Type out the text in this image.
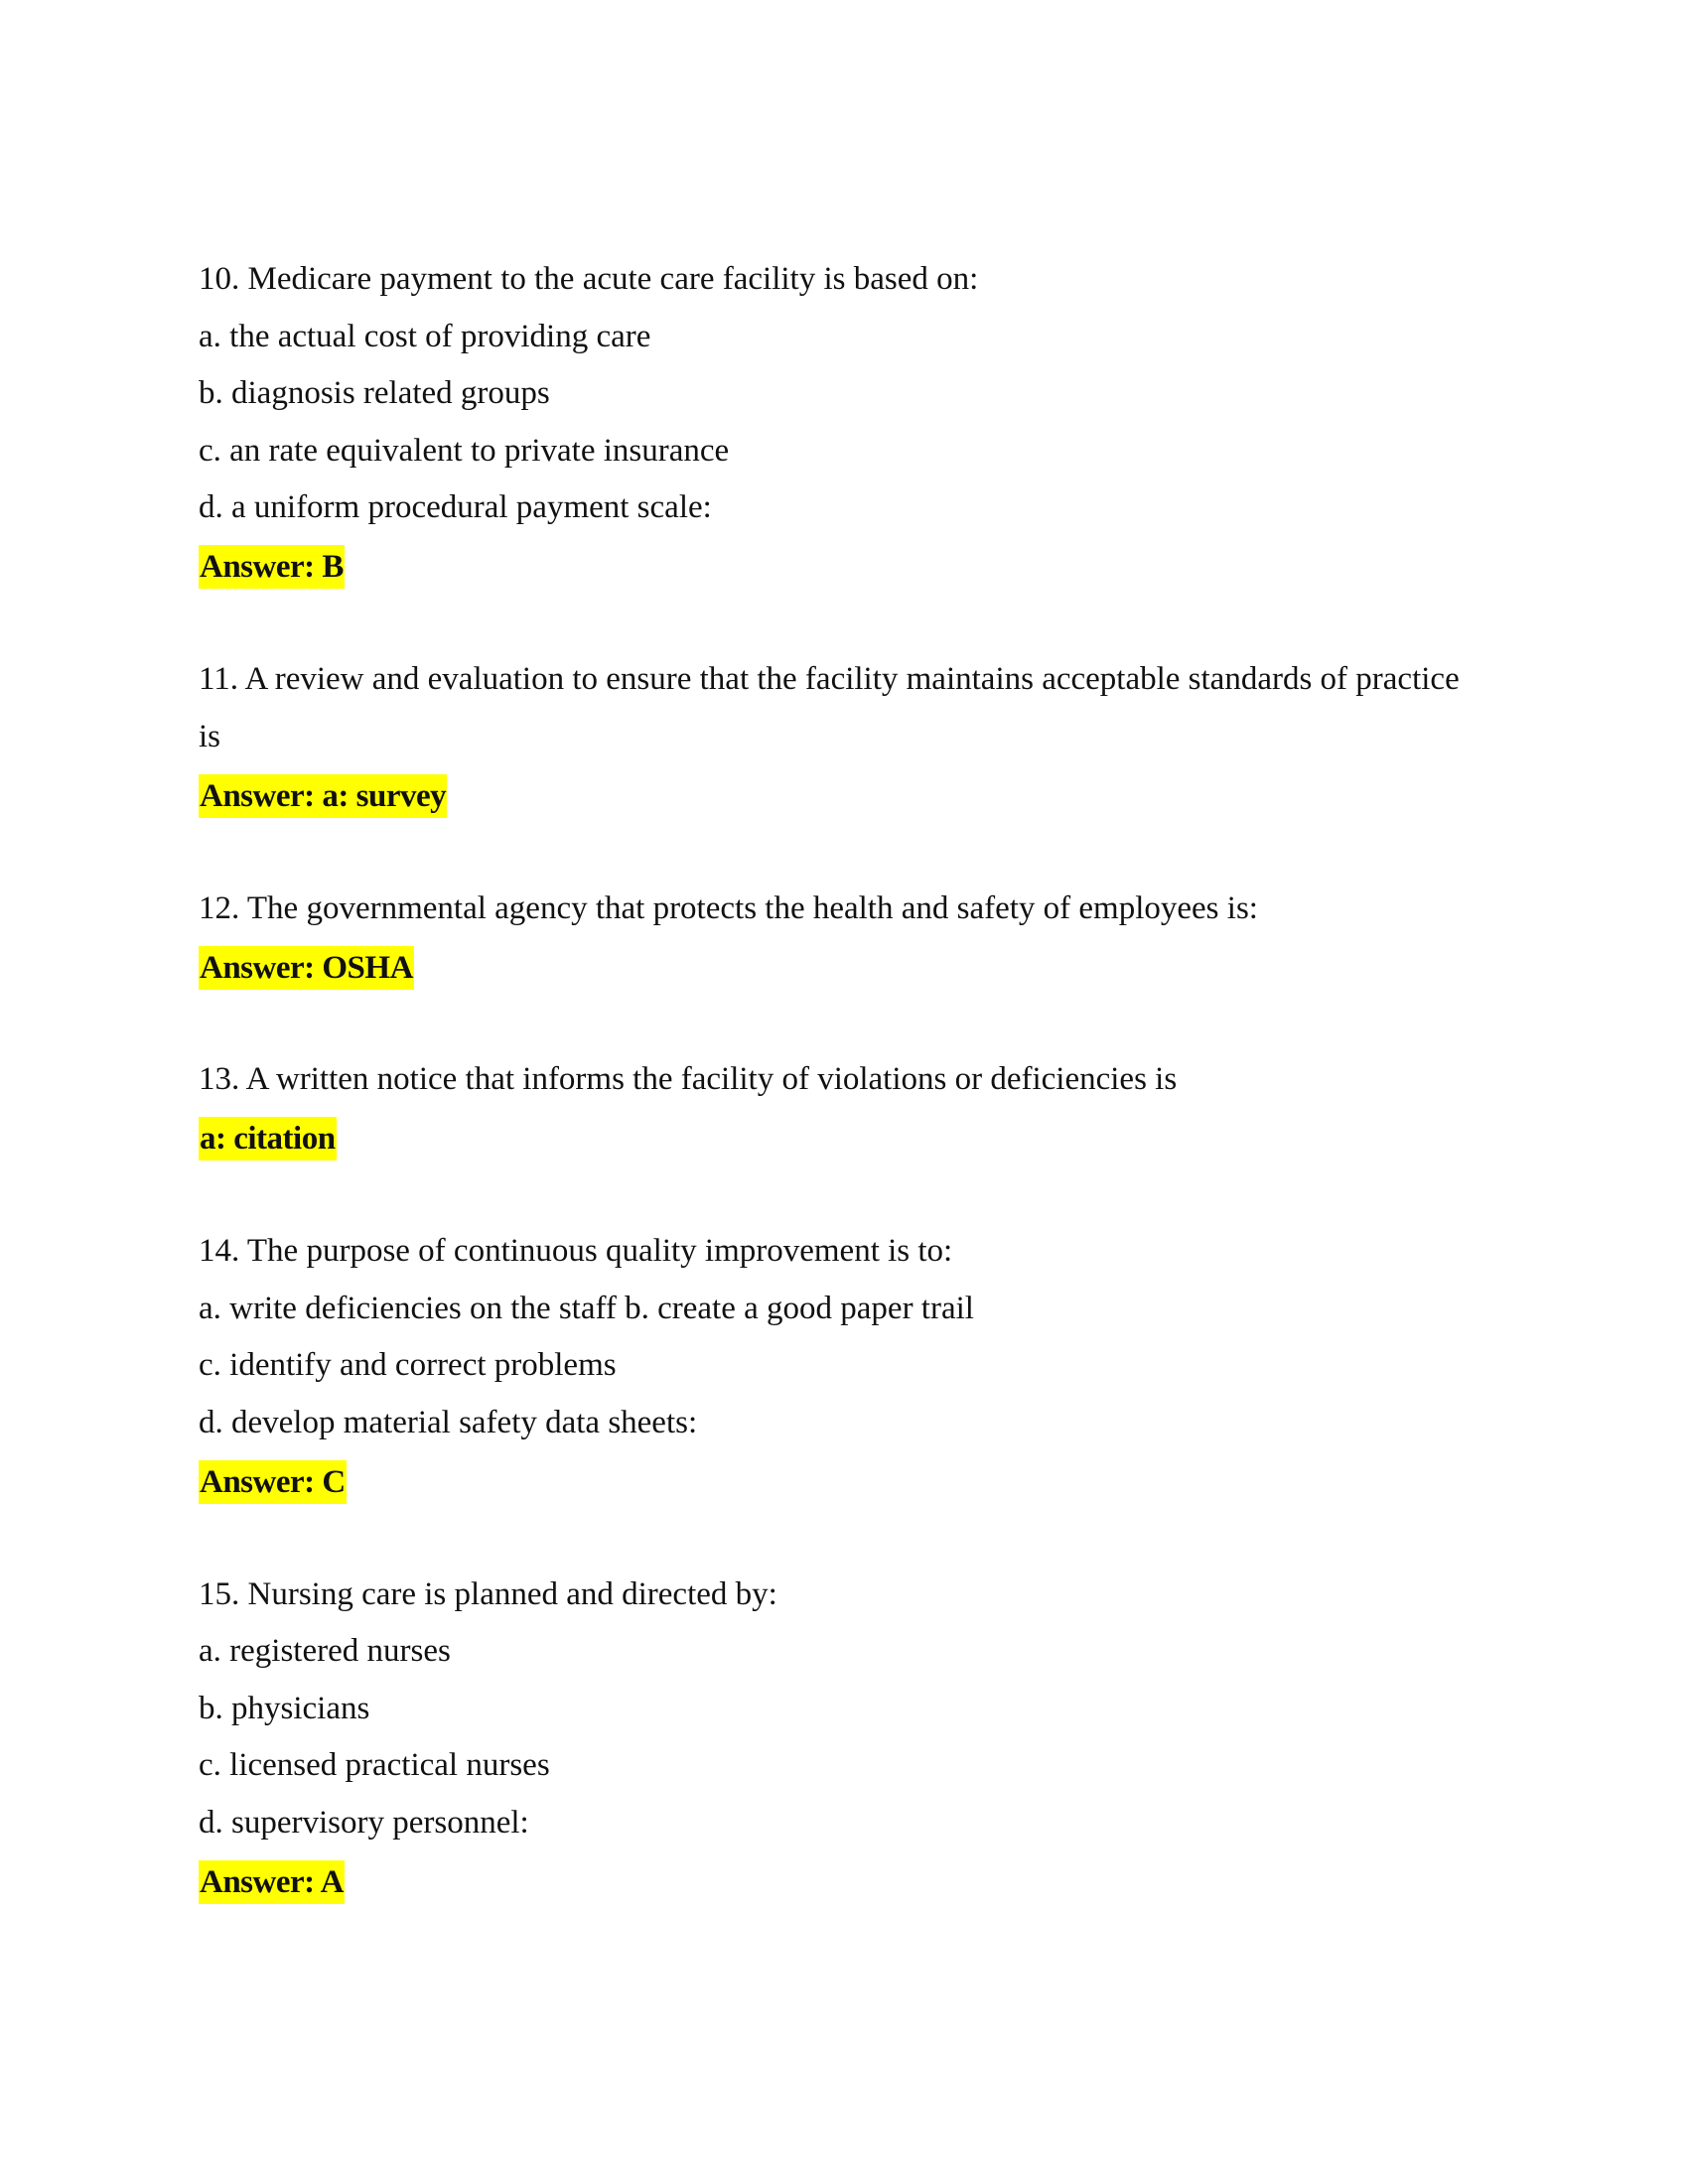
10. Medicare payment to the acute care facility is based on:
a. the actual cost of providing care
b. diagnosis related groups
c. an rate equivalent to private insurance
d. a uniform procedural payment scale:
Answer: B
11. A review and evaluation to ensure that the facility maintains acceptable standards of practice
is
Answer: a: survey
12. The governmental agency that protects the health and safety of employees is:
Answer: OSHA
13. A written notice that informs the facility of violations or deficiencies is
a: citation
14. The purpose of continuous quality improvement is to:
a. write deficiencies on the staff b. create a good paper trail
c. identify and correct problems
d. develop material safety data sheets:
Answer: C
15. Nursing care is planned and directed by:
a. registered nurses
b. physicians
c. licensed practical nurses
d. supervisory personnel:
Answer: A
